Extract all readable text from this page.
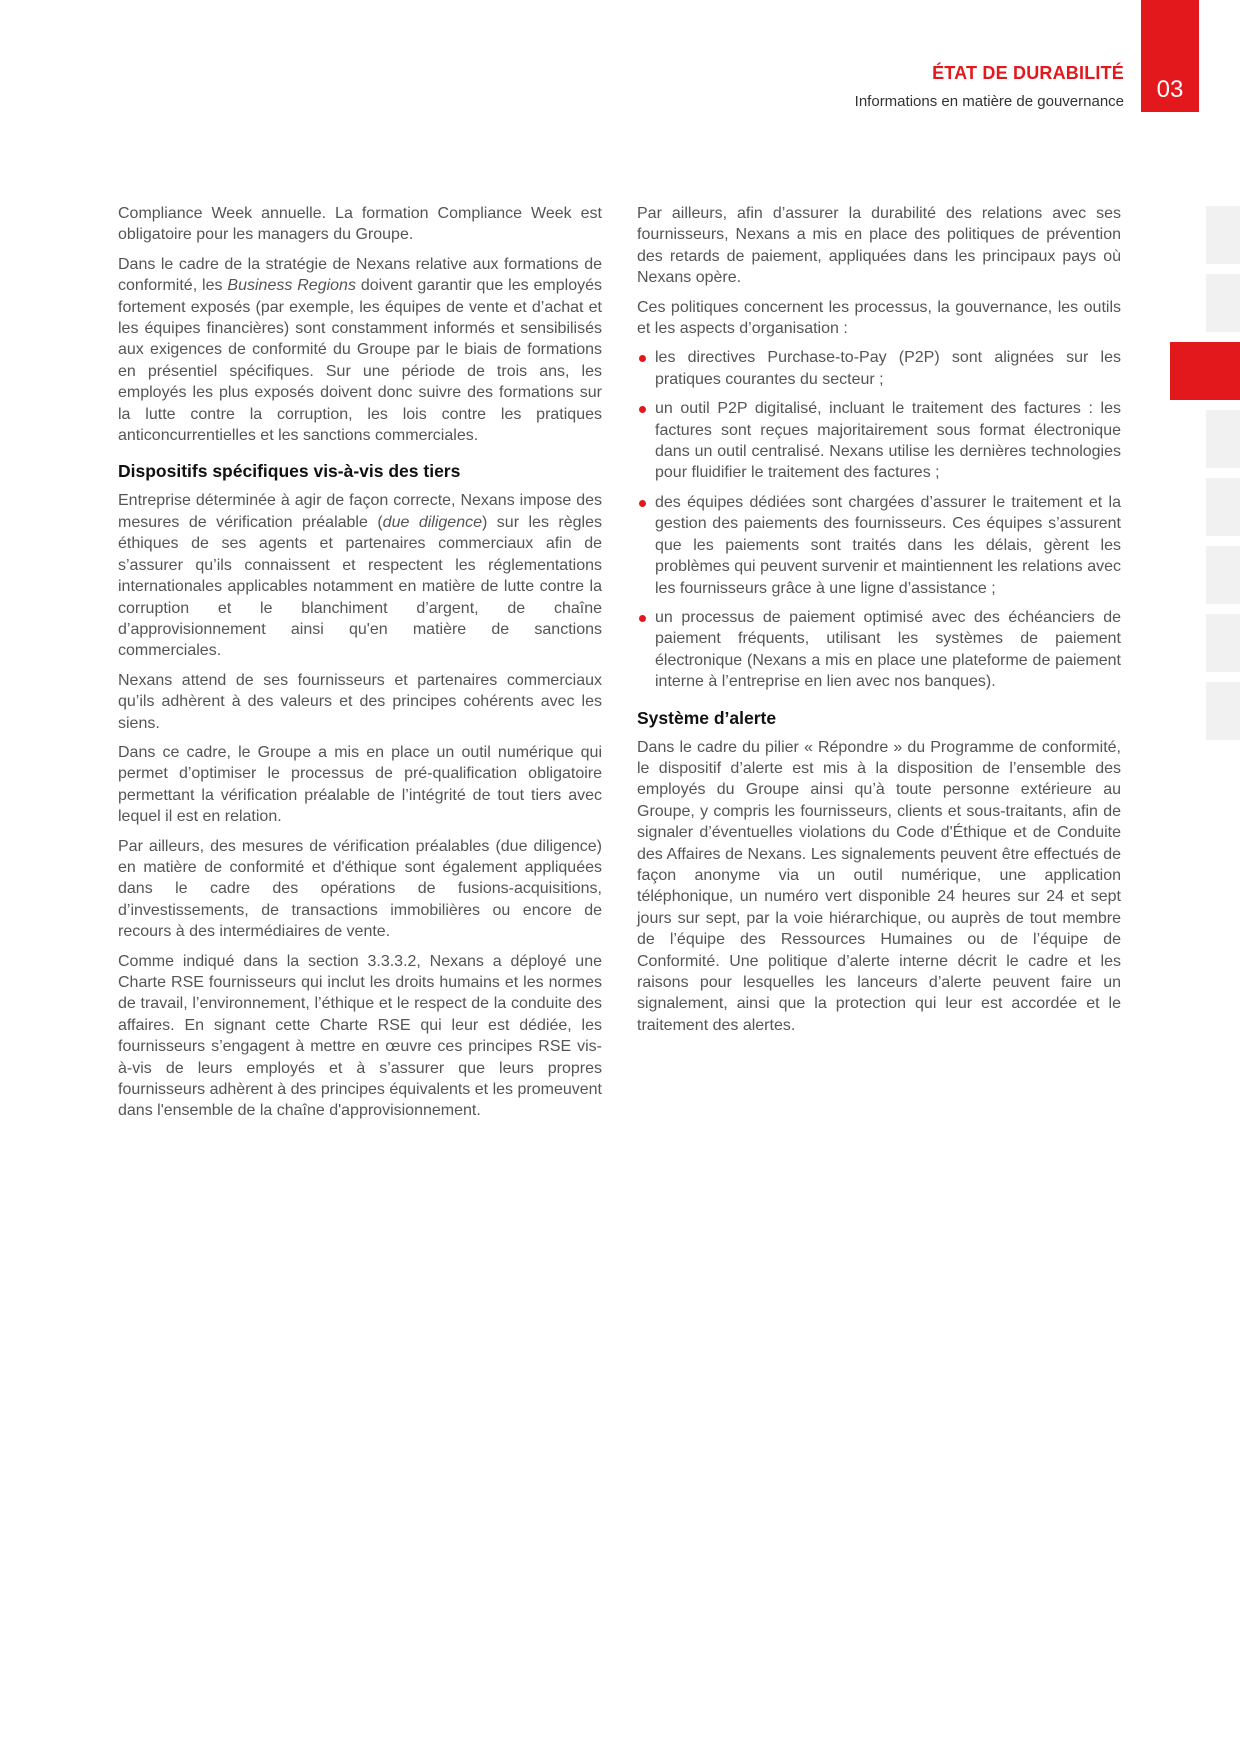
ÉTAT DE DURABILITÉ
Informations en matière de gouvernance	03

Compliance Week annuelle. La formation Compliance Week est obligatoire pour les managers du Groupe.

Dans le cadre de la stratégie de Nexans relative aux formations de conformité, les Business Regions doivent garantir que les employés fortement exposés (par exemple, les équipes de vente et d’achat et les équipes financières) sont constamment informés et sensibilisés aux exigences de conformité du Groupe par le biais de formations en présentiel spécifiques. Sur une période de trois ans, les employés les plus exposés doivent donc suivre des formations sur la lutte contre la corruption, les lois contre les pratiques anticoncurrentielles et les sanctions commerciales.

Dispositifs spécifiques vis-à-vis des tiers

Entreprise déterminée à agir de façon correcte, Nexans impose des mesures de vérification préalable (due diligence) sur les règles éthiques de ses agents et partenaires commerciaux afin de s’assurer qu’ils connaissent et respectent les réglementations internationales applicables notamment en matière de lutte contre la corruption et le blanchiment d’argent, de chaîne d’approvisionnement ainsi qu'en matière de sanctions commerciales.

Nexans attend de ses fournisseurs et partenaires commerciaux qu’ils adhèrent à des valeurs et des principes cohérents avec les siens.

Dans ce cadre, le Groupe a mis en place un outil numérique qui permet d’optimiser le processus de pré-qualification obligatoire permettant la vérification préalable de l’intégrité de tout tiers avec lequel il est en relation.

Par ailleurs, des mesures de vérification préalables (due diligence) en matière de conformité et d'éthique sont également appliquées dans le cadre des opérations de fusions-acquisitions, d’investissements, de transactions immobilières ou encore de recours à des intermédiaires de vente.

Comme indiqué dans la section 3.3.3.2, Nexans a déployé une Charte RSE fournisseurs qui inclut les droits humains et les normes de travail, l’environnement, l’éthique et le respect de la conduite des affaires. En signant cette Charte RSE qui leur est dédiée, les fournisseurs s’engagent à mettre en œuvre ces principes RSE vis-à-vis de leurs employés et à s’assurer que leurs propres fournisseurs adhèrent à des principes équivalents et les promeuvent dans l'ensemble de la chaîne d'approvisionnement.

Par ailleurs, afin d’assurer la durabilité des relations avec ses fournisseurs, Nexans a mis en place des politiques de prévention des retards de paiement, appliquées dans les principaux pays où Nexans opère.

Ces politiques concernent les processus, la gouvernance, les outils et les aspects d’organisation :

les directives Purchase-to-Pay (P2P) sont alignées sur les pratiques courantes du secteur ;
un outil P2P digitalisé, incluant le traitement des factures : les factures sont reçues majoritairement sous format électronique dans un outil centralisé. Nexans utilise les dernières technologies pour fluidifier le traitement des factures ;
des équipes dédiées sont chargées d’assurer le traitement et la gestion des paiements des fournisseurs. Ces équipes s’assurent que les paiements sont traités dans les délais, gèrent les problèmes qui peuvent survenir et maintiennent les relations avec les fournisseurs grâce à une ligne d’assistance ;
un processus de paiement optimisé avec des échéanciers de paiement fréquents, utilisant les systèmes de paiement électronique (Nexans a mis en place une plateforme de paiement interne à l’entreprise en lien avec nos banques).
Système d’alerte

Dans le cadre du pilier « Répondre » du Programme de conformité, le dispositif d’alerte est mis à la disposition de l’ensemble des employés du Groupe ainsi qu’à toute personne extérieure au Groupe, y compris les fournisseurs, clients et sous-traitants, afin de signaler d’éventuelles violations du Code d'Éthique et de Conduite des Affaires de Nexans. Les signalements peuvent être effectués de façon anonyme via un outil numérique, une application téléphonique, un numéro vert disponible 24 heures sur 24 et sept jours sur sept, par la voie hiérarchique, ou auprès de tout membre de l’équipe des Ressources Humaines ou de l’équipe de Conformité. Une politique d’alerte interne décrit le cadre et les raisons pour lesquelles les lanceurs d’alerte peuvent faire un signalement, ainsi que la protection qui leur est accordée et le traitement des alertes.
